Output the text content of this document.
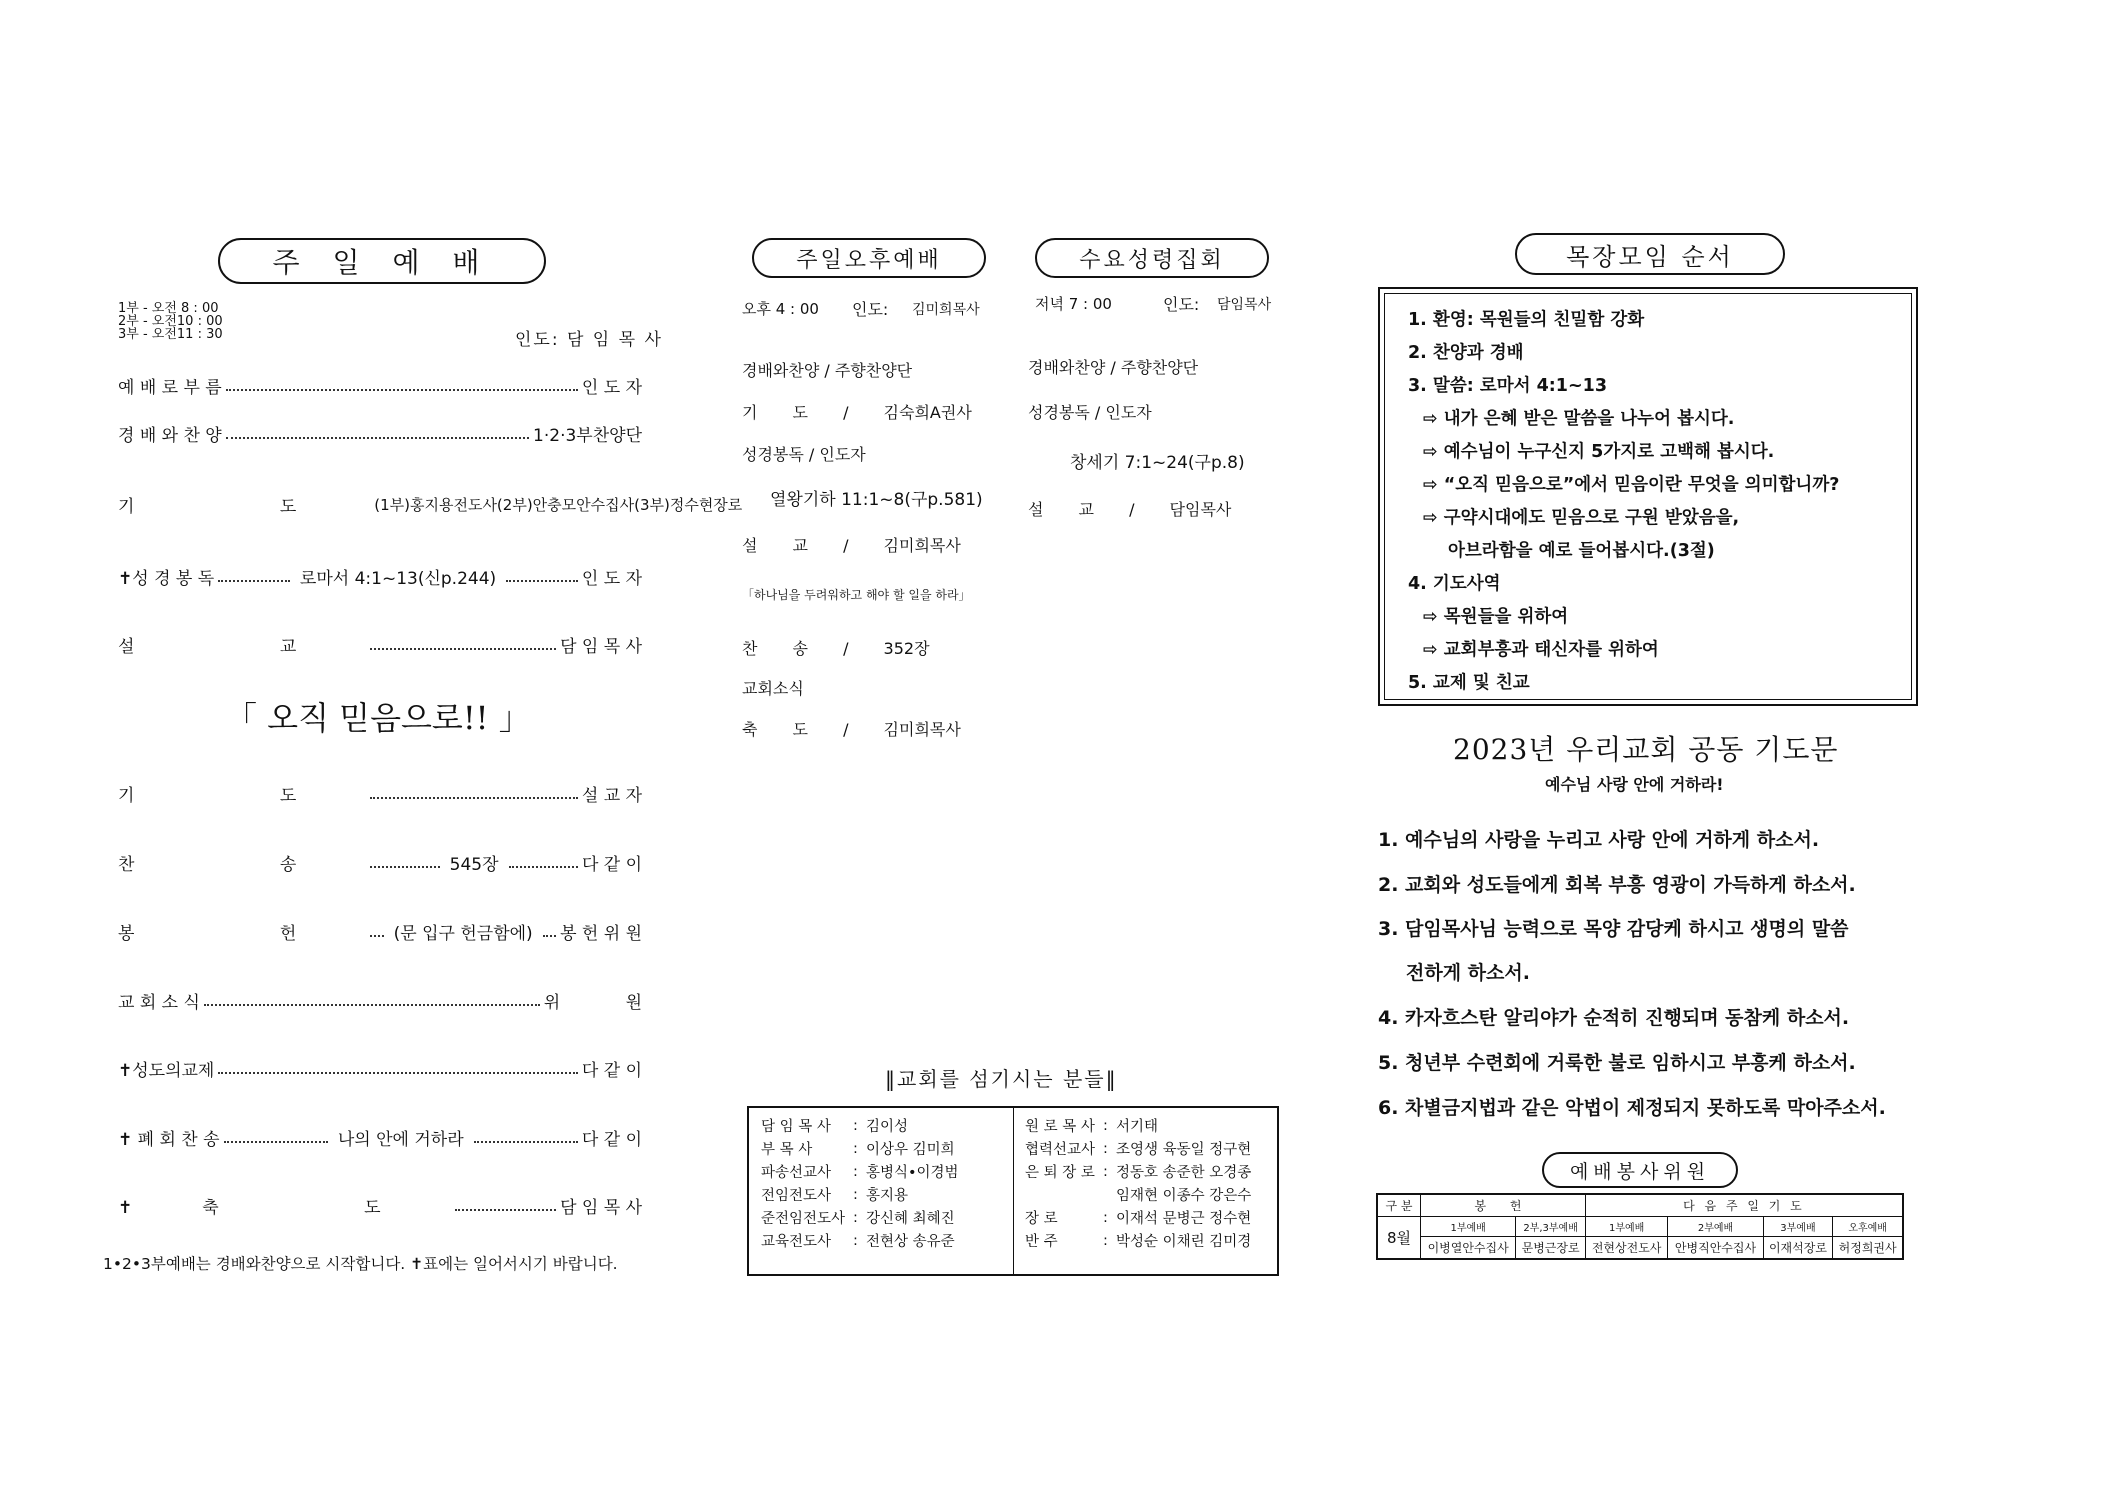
주 일 예 배
1부 - 오전 8 : 00
2부 - 오전10 : 00
3부 - 오전11 : 30	인도: 담 임 목 사
예 배 로 부 름	인 도 자
경 배 와 찬 양	1·2·3부찬양단
기 도 (1부)홍지용전도사(2부)안충모안수집사(3부)정수현장로
✝성 경 봉 독	로마서 4:1~13(신p.244)	인 도 자
설 교	담 임 목 사
「 오직 믿음으로!! 」
기 도	설 교 자
찬 송	545장	다 같 이
봉 헌	(문 입구 헌금함에)	봉 헌 위 원
교 회 소 식	위 원
✝성도의교제	다 같 이
✝ 폐 회 찬 송	나의 안에 거하라	다 같 이
✝축 도	담 임 목 사
1•2•3부예배는 경배와찬양으로 시작합니다. ✝표에는 일어서시기 바랍니다.
주일오후예배
오후 4 : 00 인도: 김미희목사
경배와찬양 / 주향찬양단
기 도 / 김숙희A권사
성경봉독 / 인도자
열왕기하 11:1~8(구p.581)
설 교 / 김미희목사
「하나님을 두려워하고 해야 할 일을 하라」
찬 송 / 352장
교회소식
축 도 / 김미희목사
수요성령집회
저녁 7 : 00	인도: 담임목사
경배와찬양 / 주향찬양단
성경봉독 / 인도자
창세기 7:1~24(구p.8)
설 교 / 담임목사
‖교회를 섬기시는 분들‖
담 임 목 사	:	김이성
부 목 사	:	이상우 김미희
파송선교사	:	홍병식•이경범
전임전도사	:	홍지용
준전임전도사	:	강신혜 최혜진
교육전도사	:	전현상 송유준
원 로 목 사	:	서기태
협력선교사	:	조영생 육동일 정구현
은 퇴 장 로	:	정동호 송준한 오경종
		임재현 이종수 강은수
장 로	:	이재석 문병근 정수현
반 주	:	박성순 이채린 김미경
목장모임 순서
1. 환영: 목원들의 친밀함 강화
2. 찬양과 경배
3. 말씀: 로마서 4:1~13
⇨ 내가 은혜 받은 말씀을 나누어 봅시다.
⇨ 예수님이 누구신지 5가지로 고백해 봅시다.
⇨ “오직 믿음으로”에서 믿음이란 무엇을 의미합니까?
⇨ 구약시대에도 믿음으로 구원 받았음을,
아브라함을 예로 들어봅시다.(3절)
4. 기도사역
⇨ 목원들을 위하여
⇨ 교회부흥과 태신자를 위하여
5. 교제 및 친교
2023년 우리교회 공동 기도문
예수님 사랑 안에 거하라!
1. 예수님의 사랑을 누리고 사랑 안에 거하게 하소서.
2. 교회와 성도들에게 회복 부흥 영광이 가득하게 하소서.
3. 담임목사님 능력으로 목양 감당케 하시고 생명의 말씀
전하게 하소서.
4. 카자흐스탄 알리야가 순적히 진행되며 동참케 하소서.
5. 청년부 수련회에 거룩한 불로 임하시고 부흥케 하소서.
6. 차별금지법과 같은 악법이 제정되지 못하도록 막아주소서.
예배봉사위원
구 분	봉 헌		다 음 주 일 기 도			
8월	1부예배	2부,3부예배	1부예배	2부예배	3부예배	오후예배
	이병열안수집사	문병근장로	전현상전도사	안병직안수집사	이재석장로	허정희권사
